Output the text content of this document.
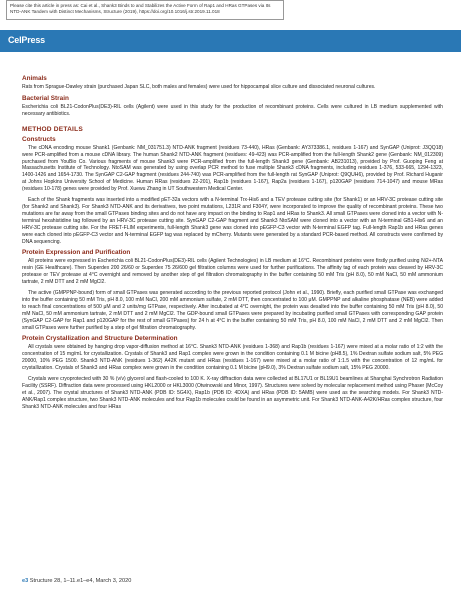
Please cite this article in press as: Cai et al., Shank3 Binds to and Stabilizes the Active Form of Rap1 and HRas GTPases via Its NTD-ANK Tandem with Distinct Mechanisms, Structure (2019), https://doi.org/10.1016/j.str.2019.11.018
CelPress
Animals

Rats from Sprague-Dawley strain (purchased Japan SLC, both males and females) were used for hippocampal slice culture and dissociated neuronal cultures.

Bacterial Strain

Escherichia coli BL21-CodonPlus(DE3)-RIL cells (Agilent) were used in this study for the production of recombinant proteins. Cells were cultured in LB medium supplemented with necessary antibiotics.

METHOD DETAILS
Constructs

The cDNA encoding mouse Shank1 (Genbank: NM_031751.3) NTD-ANK fragment (residues 73-440), HRas (Genbank: AY373386.1, residues 1-167) and SynGAP (Uniprot: J3QQ18) were PCR-amplified from a mouse cDNA library. The human Shank2 NTD-ANK fragment (residues: 49-423) was PCR-amplified from the full-length Shank2 gene (Genbank: NM_012309) purchased from YouBio Co. Various fragments of mouse Shank3 were PCR-amplified from the full-length Shank3 gene (Genbank: AB231013), provided by Prof. Guoping Feng at Massachusetts Institute of Technology. NtoSAM was generated by using overlap PCR method to fuse multiple Shank3 cDNA fragments, including residues 1-376, 533-665, 1294-1323, 1400-1426 and 1654-1730. The SynGAP C2-GAP fragment (residues 244-740) was PCR-amplified from the full-length rat SynGAP (Uniprot: Q9QUH6), provided by Prof. Richard Huganir at Johns Hopkins University School of Medicine. Human RRas (residues 22-201), Rap1b (residues 1-167), Rap2a (residues 1-167), p120GAP (residues 714-1047) and mouse MRas (residues 10-178) genes were provided by Prof. Xuewu Zhang in UT Southwestern Medical Center.

Each of the Shank fragments was inserted into a modified pET-32a vectors with a N-terminal Trx-His6 and a TEV protease cutting site (for Shank1) or an HRV-3C protease cutting site (for Shank2 and Shank3). For Shank3 NTD-ANK and its derivatives, two point mutations, L231R and F304Y, were incorporated to improve the quality of recombinant proteins. These two mutations are far away from the small GTPases binding sites and do not have any impact on the binding to Rap1 and HRas to Shank3. All small GTPases were cloned into a vector with N-terminal hexahistidine tag followed by an HRV-3C protease cutting site. SynGAP C2-GAP fragment and Shank3 NtoSAM were cloned into a vector with an N-terminal GB1-His6 and an HRV-3C protease cutting site. For the FRET-FLIM experiments, full-length Shank3 gene was cloned into pEGFP-C3 vector with N-terminal EGFP tag. Full-length Rap1b and HRas genes were each cloned into pEGFP-C3 vector and N-terminal EGFP tag was replaced by mCherry. Mutants were generated by a standard PCR-based method. All constructs were confirmed by DNA sequencing.

Protein Expression and Purification

All proteins were expressed in Escherichia coli BL21-CodonPlus(DE3)-RIL cells (Agilent Technologies) in LB medium at 16°C. Recombinant proteins were firstly purified using Ni2+-NTA resin (GE Healthcare). Then Superdex 200 26/60 or Superdex 75 26/600 gel filtration columns were used for further purifications. The affinity tag of each protein was cleaved by HRV-3C protease or TEV protease at 4°C overnight and removed by another step of gel filtration chromatography in the buffer containing 50 mM Tris (pH 8.0), 50 mM NaCl, 50 mM ammonium tartrate, 2 mM DTT and 2 mM MgCl2.

The active (GMPPNP-bound) form of small GTPases was generated according to the previous reported protocol (John et al., 1990). Briefly, each purified small GTPase was exchanged into the buffer containing 50 mM Tris, pH 8.0, 100 mM NaCl, 200 mM ammonium sulfate, 2 mM DTT, then concentrated to 100 μM. GMPPNP and alkaline phosphatase (NEB) were added to reach final concentrations of 500 μM and 2 units/mg GTPase, respectively. After incubated at 4°C overnight, the protein was desalted into the buffer containing 50 mM Tris (pH 8.0), 50 mM NaCl, 50 mM ammonium tartrate, 2 mM DTT and 2 mM MgCl2. The GDP-bound small GTPases were prepared by incubating purified small GTPases with corresponding GAP protein (SynGAP C2-GAP for Rap1 and p120GAP for the rest of small GTPases) for 24 h at 4°C in the buffer containing 50 mM Tris, pH 8.0, 100 mM NaCl, 2 mM DTT and 2 mM MgCl2. Then small GTPases were further purified by a step of gel filtration chromatography.

Protein Crystallization and Structure Determination

All crystals were obtained by hanging drop vapor-diffusion method at 16°C. Shank3 NTD-ANK (residues 1-368) and Rap1b (residues 1-167) were mixed at a molar ratio of 1:2 with the concentration of 15 mg/mL for crystallization. Crystals of Shank3 and Rap1 complex were grown in the condition containing 0.1 M bicine (pH8.5), 1% Dextran sulfate sodium salt, 5% PEG 20000, 10% PEG 1500. Shank3 NTD-ANK (residues 1-362) A42K mutant and HRas (residues 1-167) were mixed at a molar ratio of 1:1.5 with the concentration of 12 mg/mL for crystallization. Crystals of Shank3 and HRas complex were grown in the condition containing 0.1 M bicine (pH9.0), 3% Dextran sulfate sodium salt, 15% PEG 20000.

Crystals were cryoprotected with 30 % (v/v) glycerol and flash-cooled to 100 K. X-ray diffraction data were collected at BL17U1 or BL19U1 beamlines at Shanghai Synchrotron Radiation Facility (SSRF). Diffraction data were processed using HKL2000 or HKL3000 (Otwinowski and Minor, 1997). Structures were solved by molecular replacement method using Phaser (McCoy et al., 2007). The crystal structures of Shank3 NTD-ANK (PDB ID: 5G4X), Rap1b (PDB ID: 4DXA) and HRas (PDB ID: 5AMB) were used as the searching models. For Shank3 NTD-ANK/Rap1 complex structure, two Shank3 NTD-ANK molecules and four Rap1b molecules could be found in an asymmetric unit. For Shank3 NTD-ANK-A42K/HRas complex structure, four Shank3 NTD-ANK molecules and four HRas

e3 Structure 28, 1–11.e1–e4, March 3, 2020
